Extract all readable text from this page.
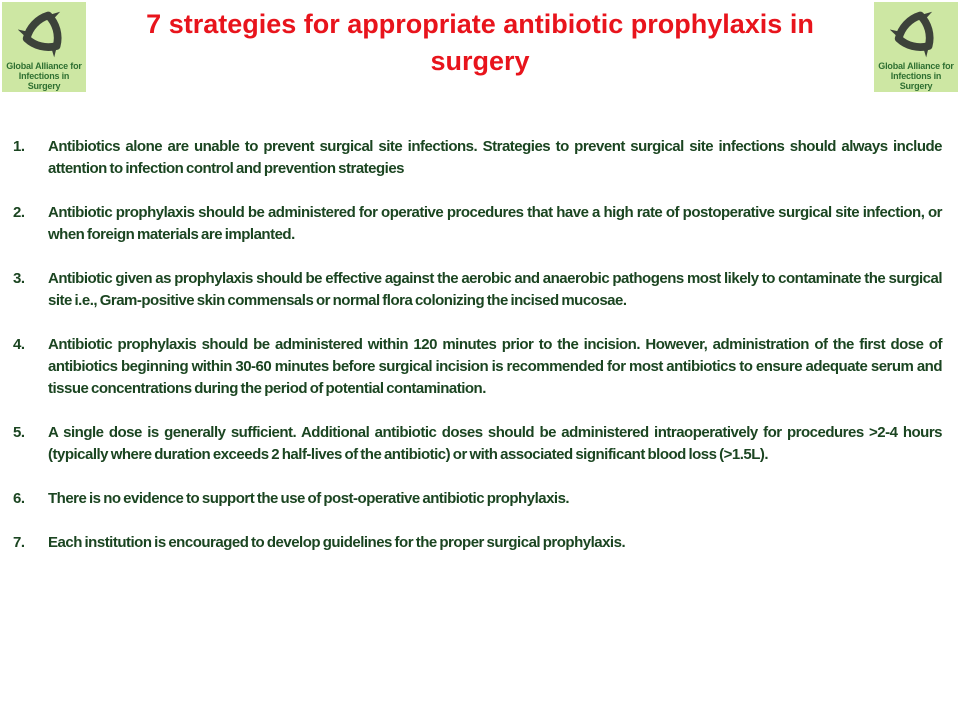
Global Alliance for
Infections in Surgery
Global Alliance for
Infections in Surgery
7 strategies for appropriate antibiotic prophylaxis in
surgery
1.	Antibiotics alone are unable to prevent surgical site infections. Strategies to prevent surgical site infections should always include attention to infection control and prevention strategies

2.	Antibiotic prophylaxis should be administered for operative procedures that have a high rate of postoperative surgical site infection, or when foreign materials are implanted.

3.	Antibiotic given as prophylaxis should be effective against the aerobic and anaerobic pathogens most likely to contaminate the surgical site i.e., Gram-positive skin commensals or normal flora colonizing the incised mucosae.

4.	Antibiotic prophylaxis should be administered within 120 minutes prior to the incision. However, administration of the first dose of antibiotics beginning within 30-60 minutes before surgical incision is recommended for most antibiotics to ensure adequate serum and tissue concentrations during the period of potential contamination.

5.	A single dose is generally sufficient. Additional antibiotic doses should be administered intraoperatively for procedures >2-4 hours (typically where duration exceeds 2 half-lives of the antibiotic) or with associated significant blood loss (>1.5L).

6.	There is no evidence to support the use of post-operative antibiotic prophylaxis.

7.	Each institution is encouraged to develop guidelines for the proper surgical prophylaxis.
